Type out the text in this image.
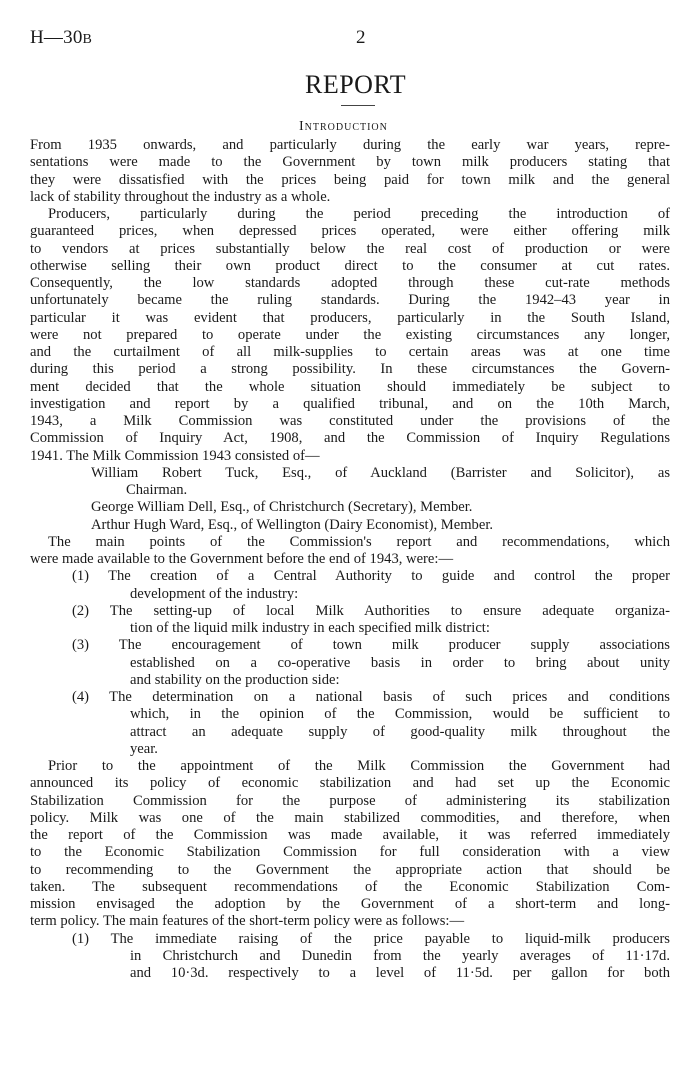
H—30B	2
REPORT
Introduction
From 1935 onwards, and particularly during the early war years, repre-
sentations were made to the Government by town milk producers stating that
they were dissatisfied with the prices being paid for town milk and the general
lack of stability throughout the industry as a whole.
Producers, particularly during the period preceding the introduction of
guaranteed prices, when depressed prices operated, were either offering milk
to vendors at prices substantially below the real cost of production or were
otherwise selling their own product direct to the consumer at cut rates.
Consequently, the low standards adopted through these cut-rate methods
unfortunately became the ruling standards. During the 1942–43 year in
particular it was evident that producers, particularly in the South Island,
were not prepared to operate under the existing circumstances any longer,
and the curtailment of all milk-supplies to certain areas was at one time
during this period a strong possibility. In these circumstances the Govern-
ment decided that the whole situation should immediately be subject to
investigation and report by a qualified tribunal, and on the 10th March,
1943, a Milk Commission was constituted under the provisions of the
Commission of Inquiry Act, 1908, and the Commission of Inquiry Regulations
1941. The Milk Commission 1943 consisted of—
William Robert Tuck, Esq., of Auckland (Barrister and Solicitor), as
Chairman.
George William Dell, Esq., of Christchurch (Secretary), Member.
Arthur Hugh Ward, Esq., of Wellington (Dairy Economist), Member.
The main points of the Commission's report and recommendations, which
were made available to the Government before the end of 1943, were:—
(1) The creation of a Central Authority to guide and control the proper
development of the industry:
(2) The setting-up of local Milk Authorities to ensure adequate organiza-
tion of the liquid milk industry in each specified milk district:
(3) The encouragement of town milk producer supply associations
established on a co-operative basis in order to bring about unity
and stability on the production side:
(4) The determination on a national basis of such prices and conditions
which, in the opinion of the Commission, would be sufficient to
attract an adequate supply of good-quality milk throughout the
year.
Prior to the appointment of the Milk Commission the Government had
announced its policy of economic stabilization and had set up the Economic
Stabilization Commission for the purpose of administering its stabilization
policy. Milk was one of the main stabilized commodities, and therefore, when
the report of the Commission was made available, it was referred immediately
to the Economic Stabilization Commission for full consideration with a view
to recommending to the Government the appropriate action that should be
taken. The subsequent recommendations of the Economic Stabilization Com-
mission envisaged the adoption by the Government of a short-term and long-
term policy. The main features of the short-term policy were as follows:—
(1) The immediate raising of the price payable to liquid-milk producers
in Christchurch and Dunedin from the yearly averages of 11·17d.
and 10·3d. respectively to a level of 11·5d. per gallon for both
